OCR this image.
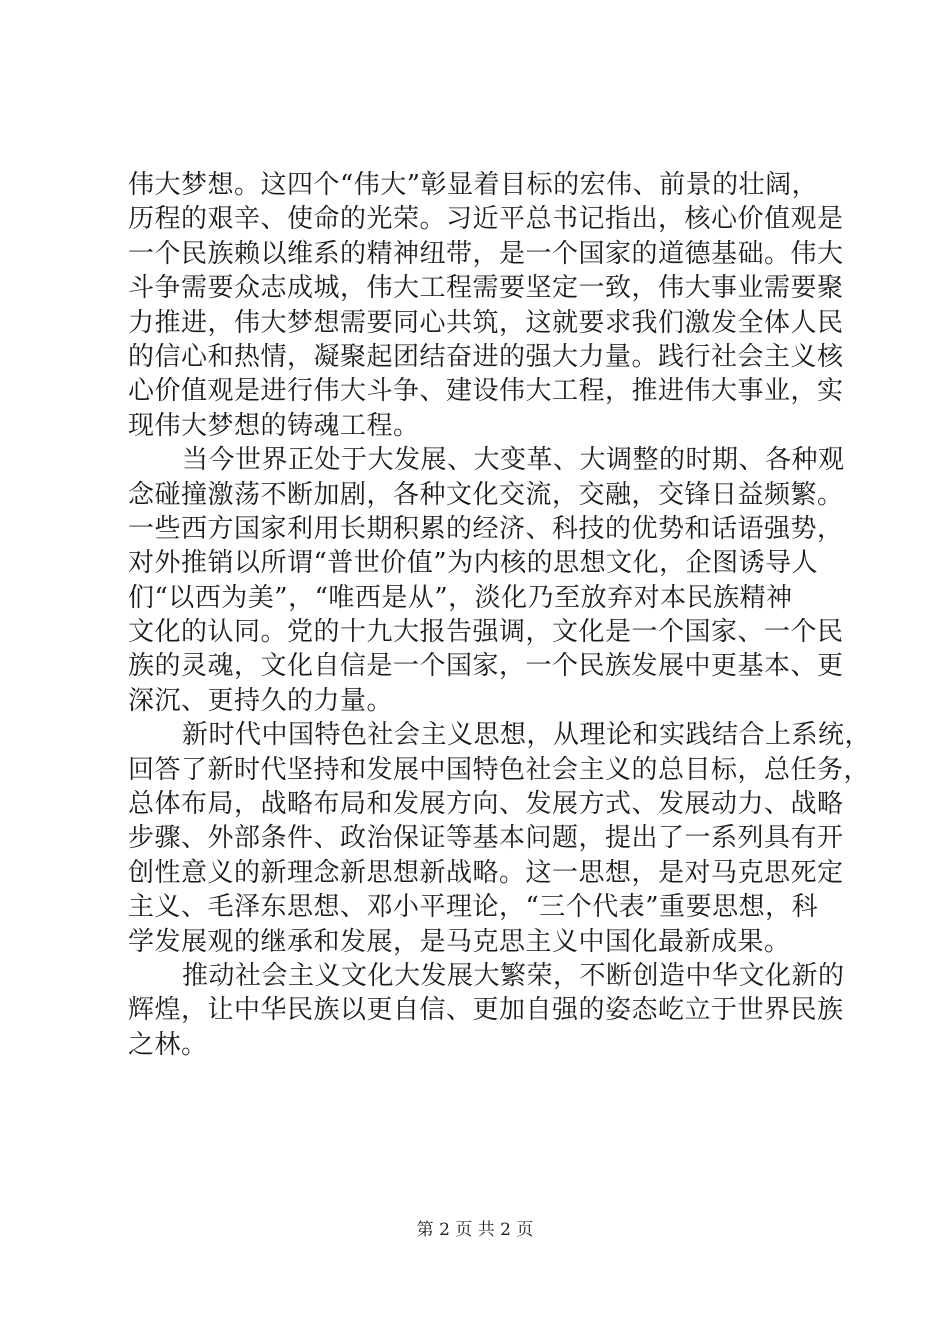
伟大梦想。这四个“伟大”彰显着目标的宏伟、前景的壮阔，
历程的艰辛、使命的光荣。习近平总书记指出，核心价值观是
一个民族赖以维系的精神纽带，是一个国家的道德基础。伟大
斗争需要众志成城，伟大工程需要坚定一致，伟大事业需要聚
力推进，伟大梦想需要同心共筑，这就要求我们激发全体人民
的信心和热情，凝聚起团结奋进的强大力量。践行社会主义核
心价值观是进行伟大斗争、建设伟大工程，推进伟大事业，实
现伟大梦想的铸魂工程。
当今世界正处于大发展、大变革、大调整的时期、各种观
念碰撞激荡不断加剧，各种文化交流，交融，交锋日益频繁。
一些西方国家利用长期积累的经济、科技的优势和话语强势，
对外推销以所谓“普世价值”为内核的思想文化，企图诱导人
们“以西为美”，“唯西是从”，淡化乃至放弃对本民族精神
文化的认同。党的十九大报告强调，文化是一个国家、一个民
族的灵魂，文化自信是一个国家，一个民族发展中更基本、更
深沉、更持久的力量。
新时代中国特色社会主义思想，从理论和实践结合上系统，
回答了新时代坚持和发展中国特色社会主义的总目标，总任务，
总体布局，战略布局和发展方向、发展方式、发展动力、战略
步骤、外部条件、政治保证等基本问题，提出了一系列具有开
创性意义的新理念新思想新战略。这一思想，是对马克思死定
主义、毛泽东思想、邓小平理论，“三个代表”重要思想，科
学发展观的继承和发展，是马克思主义中国化最新成果。
推动社会主义文化大发展大繁荣，不断创造中华文化新的
辉煌，让中华民族以更自信、更加自强的姿态屹立于世界民族
之林。
第 2 页 共 2 页
